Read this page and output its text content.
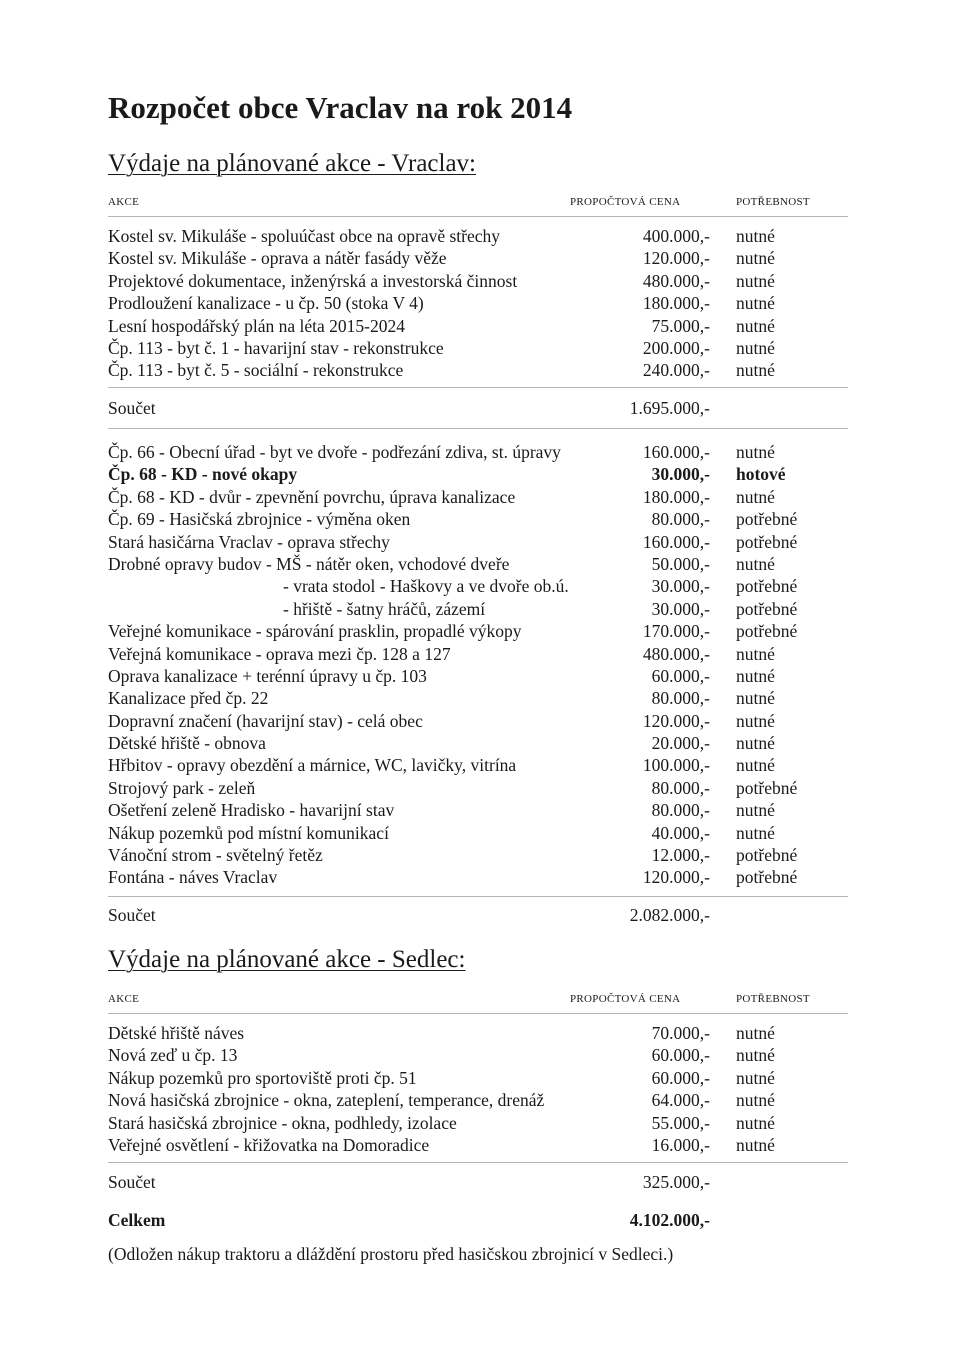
Rozpočet obce Vraclav na rok 2014
Výdaje na plánované akce - Vraclav:
AKCE	PROPOČTOVÁ CENA	POTŘEBNOST
Kostel sv. Mikuláše - spoluúčast obce na opravě střechy	400.000,- nutné
Kostel sv. Mikuláše - oprava a nátěr fasády věže	120.000,- nutné
Projektové dokumentace, inženýrská a investorská činnost	480.000,- nutné
Prodloužení kanalizace - u čp. 50 (stoka V 4)	180.000,- nutné
Lesní hospodářský plán na léta 2015-2024	75.000,- nutné
Čp. 113 - byt č. 1 - havarijní stav - rekonstrukce	200.000,- nutné
Čp. 113 - byt č. 5 - sociální - rekonstrukce	240.000,- nutné
Součet	1.695.000,-
Čp. 66 - Obecní úřad - byt ve dvoře - podřezání zdiva, st. úpravy	160.000,- nutné
Čp. 68 - KD - nové okapy	30.000,- hotové
Čp. 68 - KD - dvůr - zpevnění povrchu, úprava kanalizace	180.000,- nutné
Čp. 69 - Hasičská zbrojnice - výměna oken	80.000,- potřebné
Stará hasičárna Vraclav - oprava střechy	160.000,- potřebné
Drobné opravy budov - MŠ - nátěr oken, vchodové dveře	50.000,- nutné
- vrata stodol - Haškovy a ve dvoře ob.ú.	30.000,- potřebné
- hřiště - šatny hráčů, zázemí	30.000,- potřebné
Veřejné komunikace - spárování prasklin, propadlé výkopy	170.000,- potřebné
Veřejná komunikace - oprava mezi čp. 128 a 127	480.000,- nutné
Oprava kanalizace + terénní úpravy u čp. 103	60.000,- nutné
Kanalizace před čp. 22	80.000,- nutné
Dopravní značení (havarijní stav) - celá obec	120.000,- nutné
Dětské hřiště - obnova	20.000,- nutné
Hřbitov - opravy obezdění a márnice, WC, lavičky, vitrína	100.000,- nutné
Strojový park - zeleň	80.000,- potřebné
Ošetření zeleně Hradisko - havarijní stav	80.000,- nutné
Nákup pozemků pod místní komunikací	40.000,- nutné
Vánoční strom - světelný řetěz	12.000,- potřebné
Fontána - náves Vraclav	120.000,- potřebné
Součet	2.082.000,-
Výdaje na plánované akce - Sedlec:
AKCE	PROPOČTOVÁ CENA	POTŘEBNOST
Dětské hřiště náves	70.000,- nutné
Nová zeď u čp. 13	60.000,- nutné
Nákup pozemků pro sportoviště proti čp. 51	60.000,- nutné
Nová hasičská zbrojnice - okna, zateplení, temperance, drenáž	64.000,- nutné
Stará hasičská zbrojnice - okna, podhledy, izolace	55.000,- nutné
Veřejné osvětlení - křižovatka na Domoradice	16.000,- nutné
Součet	325.000,-
Celkem	4.102.000,-
(Odložen nákup traktoru a dláždění prostoru před hasičskou zbrojnicí v Sedleci.)
